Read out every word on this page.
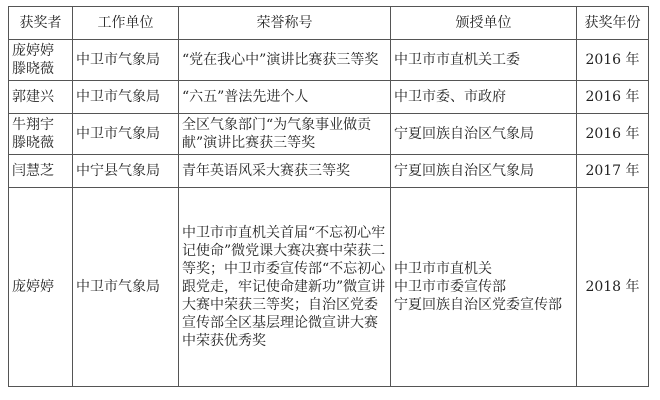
获奖者	工作单位	荣誉称号	颁授单位	获奖年份

庞婷婷
滕晓薇	中卫市气象局	“党在我心中”演讲比赛获三等奖	中卫市市直机关工委	2016 年

郭建兴	中卫市气象局	“六五”普法先进个人	中卫市委、市政府	2016 年

牛翔宇
滕晓薇	中卫市气象局	全区气象部门“为气象事业做贡献”演讲比赛获三等奖	宁夏回族自治区气象局	2016 年

闫慧芝	中宁县气象局	青年英语风采大赛获三等奖	宁夏回族自治区气象局	2017 年

庞婷婷	中卫市气象局	中卫市市直机关首届“不忘初心牢记使命”微党课大赛决赛中荣获二等奖；中卫市委宣传部“不忘初心跟党走，牢记使命建新功”微宣讲大赛中荣获三等奖；自治区党委宣传部全区基层理论微宣讲大赛中荣获优秀奖	中卫市市直机关
中卫市市委宣传部
宁夏回族自治区党委宣传部	2018 年
